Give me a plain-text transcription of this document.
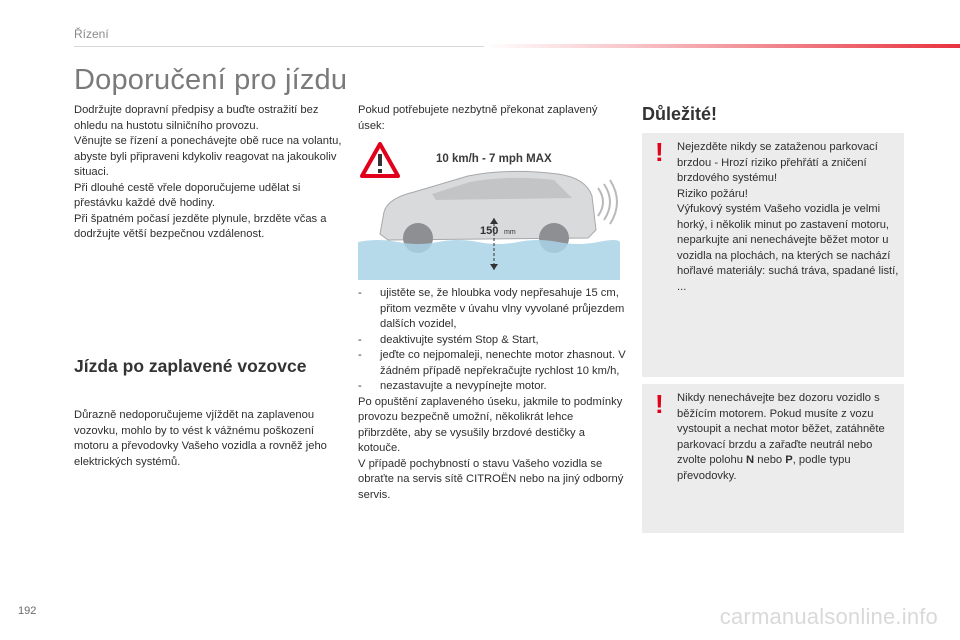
Řízení
Doporučení pro jízdu

Dodržujte dopravní předpisy a buďte ostražití bez ohledu na hustotu silničního provozu.

Věnujte se řízení a ponechávejte obě ruce na volantu, abyste byli připraveni kdykoliv reagovat na jakoukoliv situaci.

Při dlouhé cestě vřele doporučujeme udělat si přestávku každé dvě hodiny.

Při špatném počasí jezděte plynule, brzděte včas a dodržujte větší bezpečnou vzdálenost.

Jízda po zaplavené vozovce

Důrazně nedoporučujeme vjíždět na zaplavenou vozovku, mohlo by to vést k vážnému poškození motoru a převodovky Vašeho vozidla a rovněž jeho elektrických systémů.

Pokud potřebujete nezbytně překonat zaplavený úsek:

10 km/h - 7 mph MAX
150 mm
-	ujistěte se, že hloubka vody nepřesahuje 15 cm, přitom vezměte v úvahu vlny vyvolané průjezdem dalších vozidel,
-	deaktivujte systém Stop & Start,
-	jeďte co nejpomaleji, nenechte motor zhasnout. V žádném případě nepřekračujte rychlost 10 km/h,
-	nezastavujte a nevypínejte motor.

Po opuštění zaplaveného úseku, jakmile to podmínky provozu bezpečně umožní, několikrát lehce přibrzděte, aby se vysušily brzdové destičky a kotouče.
V případě pochybností o stavu Vašeho vozidla se obraťte na servis sítě CITROËN nebo na jiný odborný servis.

Důležité!
! Nejezděte nikdy se zataženou parkovací brzdou - Hrozí riziko přehřátí a zničení brzdového systému!
Riziko požáru!
Výfukový systém Vašeho vozidla je velmi horký, i několik minut po zastavení motoru, neparkujte ani nenechávejte běžet motor u vozidla na plochách, na kterých se nachází hořlavé materiály: suchá tráva, spadané listí, ...

! Nikdy nenechávejte bez dozoru vozidlo s běžícím motorem. Pokud musíte z vozu vystoupit a nechat motor běžet, zatáhněte parkovací brzdu a zařaďte neutrál nebo zvolte polohu N nebo P, podle typu převodovky.

192	carmanualsonline.info
